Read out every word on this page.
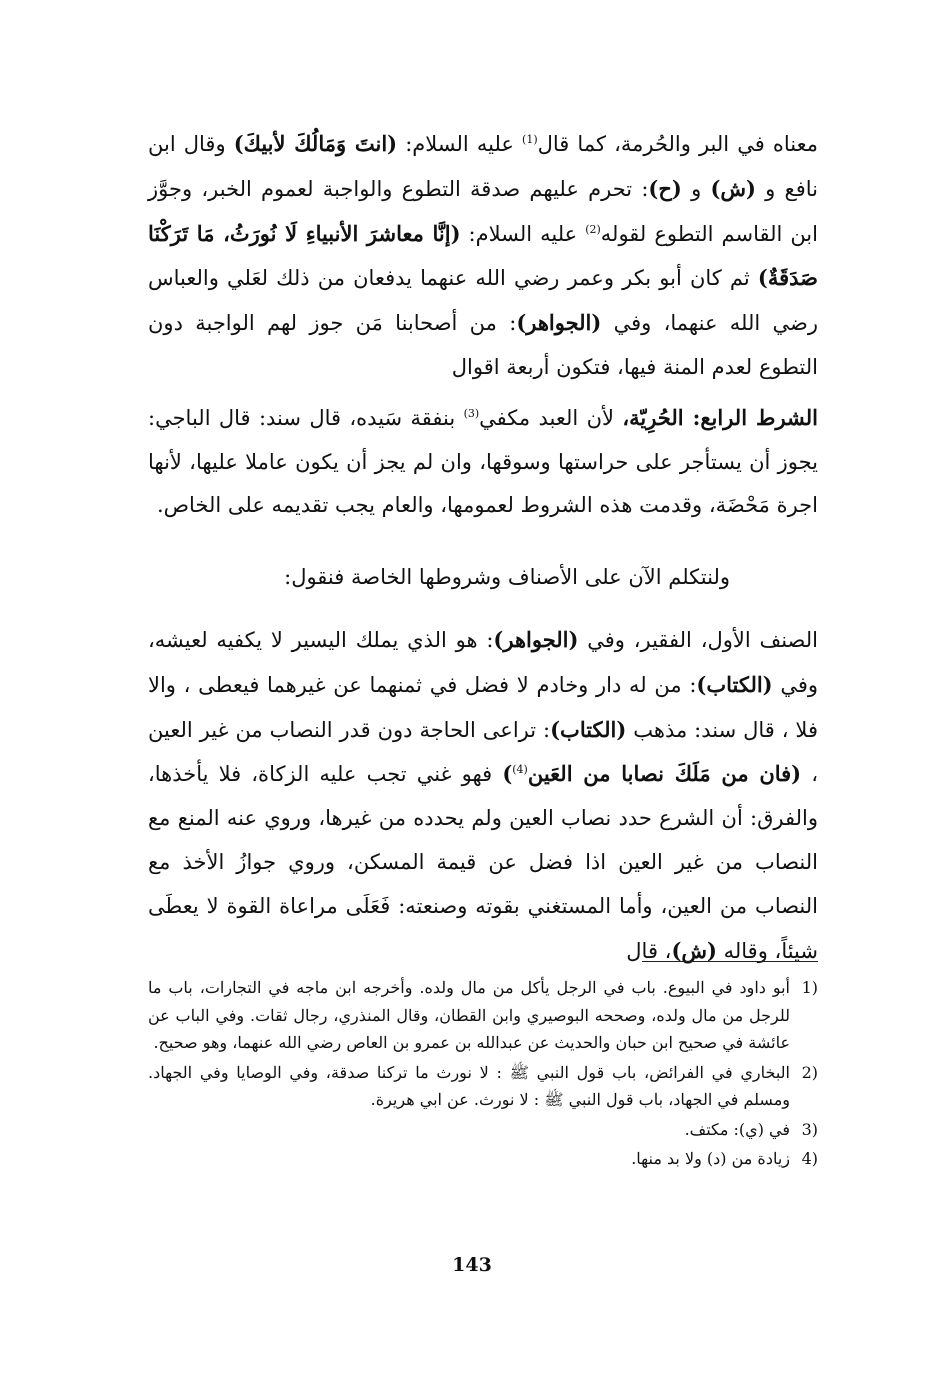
معناه في البر والحُرمة، كما قال$^{(1)}$ عليه السلام: (انتَ وَمَالُكَ لأبيكَ) وقال ابن نافع و (ش) و (ح): تحرم عليهم صدقة التطوع والواجبة لعموم الخبر، وجوَّز ابن القاسم التطوع لقوله$^{(2)}$ عليه السلام: (إنَّا معاشرَ الأنبياءِ لَا نُورَثُ، مَا تَرَكْنَا صَدَقَةٌ) ثم كان أبو بكر وعمر رضي الله عنهما يدفعان من ذلك لعَلي والعباس رضي الله عنهما، وفي (الجواهر): من أصحابنا مَن جوز لهم الواجبة دون التطوع لعدم المنة فيها، فتكون أربعة اقوال

الشرط الرابع: الحُرِيّة، لأن العبد مكفي$^{(3)}$ بنفقة سَيده، قال سند: قال الباجي: يجوز أن يستأجر على حراستها وسوقها، وان لم يجز أن يكون عاملا عليها، لأنها اجرة مَحْضَة، وقدمت هذه الشروط لعمومها، والعام يجب تقديمه على الخاص.

ولنتكلم الآن على الأصناف وشروطها الخاصة فنقول:

الصنف الأول، الفقير، وفي (الجواهر): هو الذي يملك اليسير لا يكفيه لعيشه، وفي (الكتاب): من له دار وخادم لا فضل في ثمنهما عن غيرهما فيعطى ، والا فلا ، قال سند: مذهب (الكتاب): تراعى الحاجة دون قدر النصاب من غير العين ، (فان من مَلَكَ نصابا من العَين$^{(4)}$) فهو غني تجب عليه الزكاة، فلا يأخذها، والفرق: أن الشرع حدد نصاب العين ولم يحدده من غيرها، وروي عنه المنع مع النصاب من غير العين اذا فضل عن قيمة المسكن، وروي جوازُ الأخذ مع النصاب من العين، وأما المستغني بقوته وصنعته: فَعَلَى مراعاة القوة لا يعطَى شيئاً، وقاله (ش)، قال

1)
أبو داود في البيوع. باب في الرجل يأكل من مال ولده. وأخرجه ابن ماجه في التجارات، باب ما للرجل من مال ولده، وصححه البوصيري وابن القطان، وقال المنذري، رجال ثقات. وفي الباب عن عائشة في صحيح ابن حبان والحديث عن عبدالله بن عمرو بن العاص رضي الله عنهما، وهو صحيح.
2)
البخاري في الفرائض، باب قول النبي ﷺ : لا نورث ما تركنا صدقة، وفي الوصايا وفي الجهاد. ومسلم في الجهاد، باب قول النبي ﷺ : لا نورث. عن ابي هريرة.
3)
في (ي): مكتف.
4)
زيادة من (د) ولا بد منها.
143
